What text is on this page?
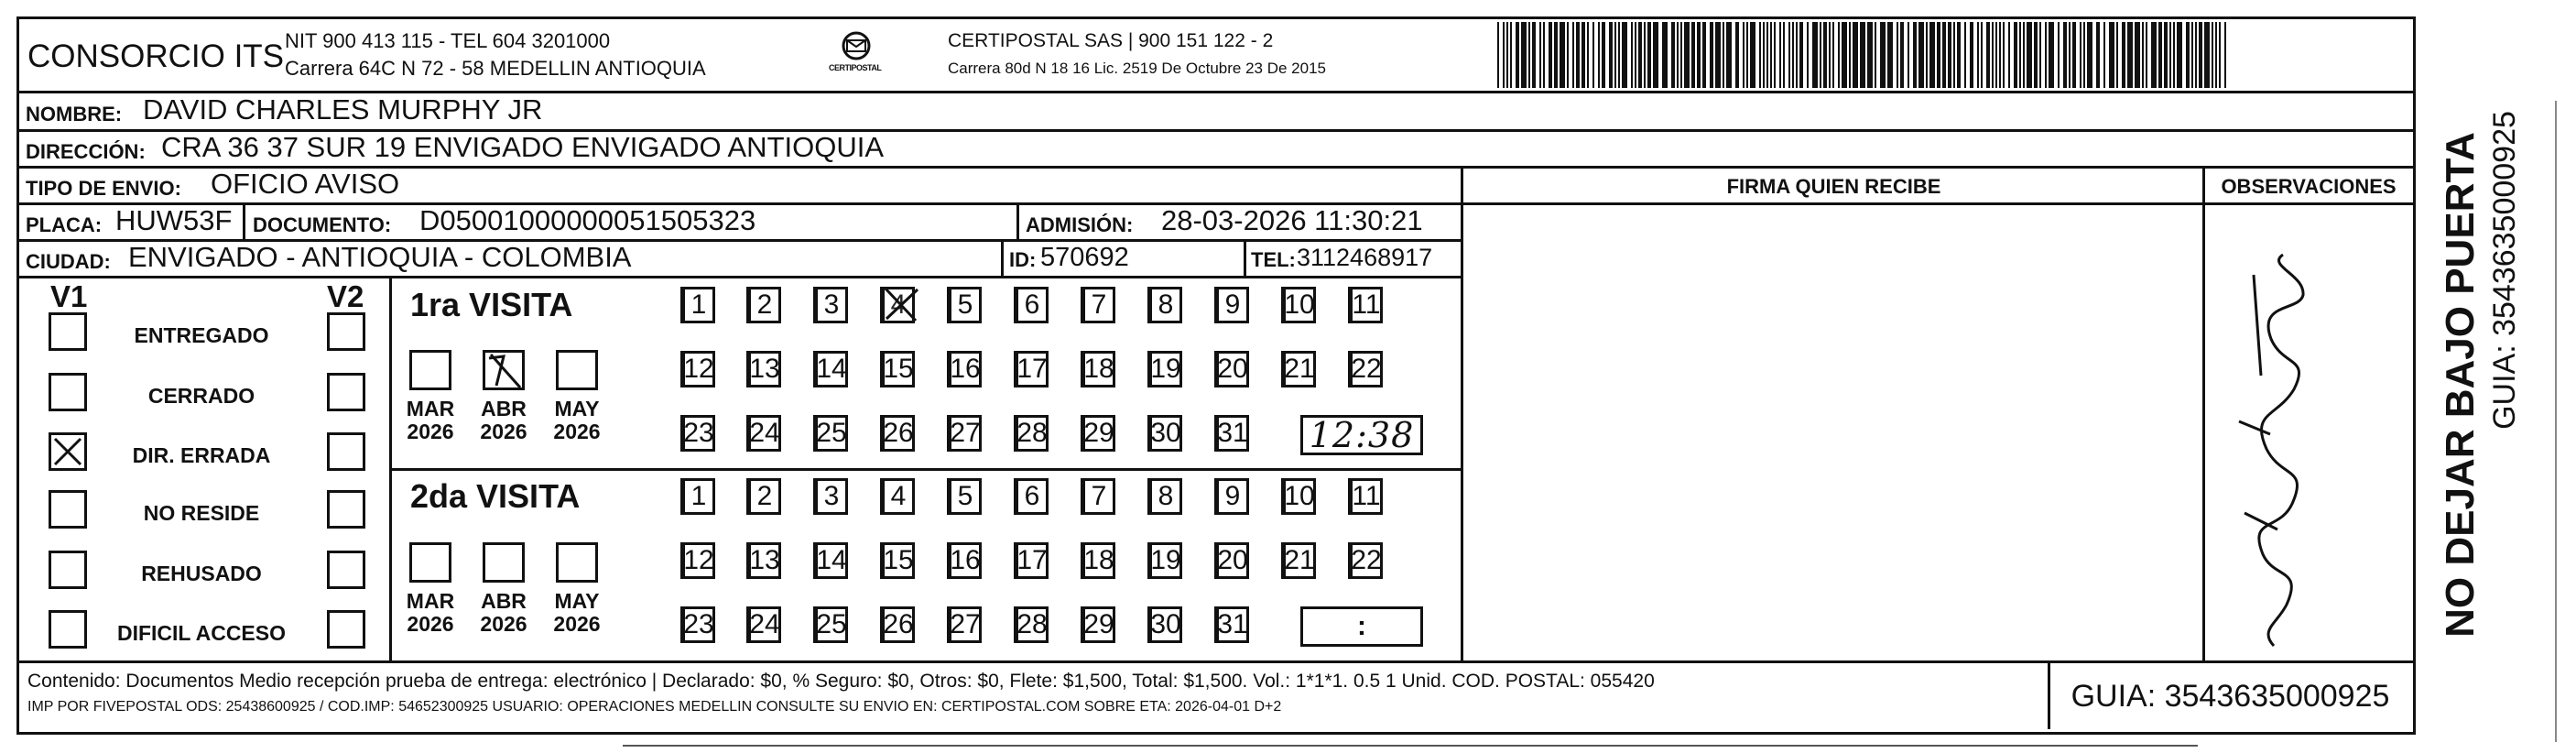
CONSORCIO ITS NIT 900 413 115 - TEL 604 3201000
Carrera 64C N 72 - 58 MEDELLIN ANTIOQUIA	CERTIPOSTAL
CERTIPOSTAL SAS | 900 151 122 - 2
Carrera 80d N 18 16 Lic. 2519 De Octubre 23 De 2015
NOMBRE: DAVID CHARLES MURPHY JR
DIRECCIÓN: CRA 36 37 SUR 19 ENVIGADO ENVIGADO ANTIOQUIA
TIPO DE ENVIO: OFICIO AVISO
PLACA: HUW53F DOCUMENTO: D05001000000051505323	ADMISIÓN: 28-03-2026 11:30:21
CIUDAD: ENVIGADO - ANTIOQUIA - COLOMBIA	ID: 570692	TEL: 3112468917
FIRMA QUIEN RECIBE	OBSERVACIONES	NO DEJAR BAJO PUERTA GUIA: 3543635000925
V1	V2
ENTREGADO
CERRADO
DIR. ERRADA
NO RESIDE
REHUSADO
DIFICIL ACCESO
1ra VISITA
MAR
2026
ABR
2026
MAY
2026
1	2	3	4	5	6	7	8	9	10 11
12 13 14 15 16 17 18 19 20 21 22
23 24 25 26 27 28 29 30 31 12:38
2da VISITA
MAR
2026
ABR
2026
MAY
2026
1	2	3	4	5	6	7	8	9	10 11
12 13 14 15 16 17 18 19 20 21 22
23 24 25 26 27 28 29 30 31	:
Contenido: Documentos Medio recepción prueba de entrega: electrónico | Declarado: $0, % Seguro: $0, Otros: $0, Flete: $1,500, Total: $1,500. Vol.: 1*1*1. 0.5 1 Unid. COD. POSTAL: 055420
IMP POR FIVEPOSTAL ODS: 25438600925 / COD.IMP: 54652300925 USUARIO: OPERACIONES MEDELLIN CONSULTE SU ENVIO EN: CERTIPOSTAL.COM SOBRE ETA: 2026-04-01 D+2	GUIA: 3543635000925
